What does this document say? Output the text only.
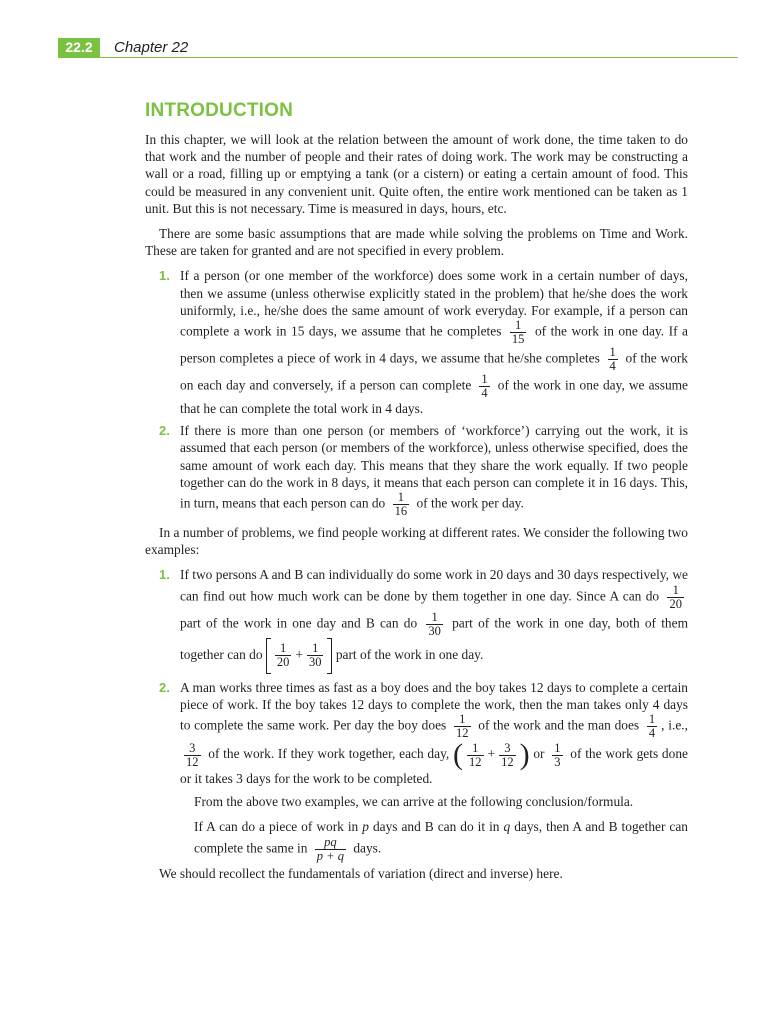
22.2	Chapter 22
INTRODUCTION

In this chapter, we will look at the relation between the amount of work done, the time taken to do that work and the number of people and their rates of doing work. The work may be constructing a wall or a road, filling up or emptying a tank (or a cistern) or eating a certain amount of food. This could be measured in any convenient unit. Quite often, the entire work mentioned can be taken as 1 unit. But this is not necessary. Time is measured in days, hours, etc.

There are some basic assumptions that are made while solving the problems on Time and Work. These are taken for granted and are not specified in every problem.

1. If a person (or one member of the workforce) does some work in a certain number of days, then we assume (unless otherwise explicitly stated in the problem) that he/she does the work uniformly, i.e., he/she does the same amount of work everyday. For example, if a person can complete a work in 15 days, we assume that he completes $\frac{1}{15}$ of the work in one day. If a person completes a piece of work in 4 days, we assume that he/she completes $\frac{1}{4}$ of the work on each day and conversely, if a person can complete $\frac{1}{4}$ of the work in one day, we assume that he can complete the total work in 4 days.

2. If there is more than one person (or members of ‘workforce’) carrying out the work, it is assumed that each person (or members of the workforce), unless otherwise specified, does the same amount of work each day. This means that they share the work equally. If two people together can do the work in 8 days, it means that each person can complete it in 16 days. This, in turn, means that each person can do $\frac{1}{16}$ of the work per day.

In a number of problems, we find people working at different rates. We consider the following two examples:

1. If two persons A and B can individually do some work in 20 days and 30 days respectively, we can find out how much work can be done by them together in one day. Since A can do $\frac{1}{20}$
part of the work in one day and B can do $\frac{1}{30}$ part of the work in one day, both of them together can do $\frac{1}{20} + \frac{1}{30}$ part of the work in one day.

2. A man works three times as fast as a boy does and the boy takes 12 days to complete a certain piece of work. If the boy takes 12 days to complete the work, then the man takes only 4 days to complete the same work. Per day the boy does $\frac{1}{12}$ of the work and the man does $\frac{1}{4}$ , i.e.,
$\frac{3}{12}$ of the work. If they work together, each day, ( $\frac{1}{12} + \frac{3}{12}$ ) or $\frac{1}{3}$ of the work gets done or it takes 3 days for the work to be completed.

From the above two examples, we can arrive at the following conclusion/formula.

If A can do a piece of work in p days and B can do it in q days, then A and B together can complete the same in $\frac{pq}{p + q}$ days.

We should recollect the fundamentals of variation (direct and inverse) here.
